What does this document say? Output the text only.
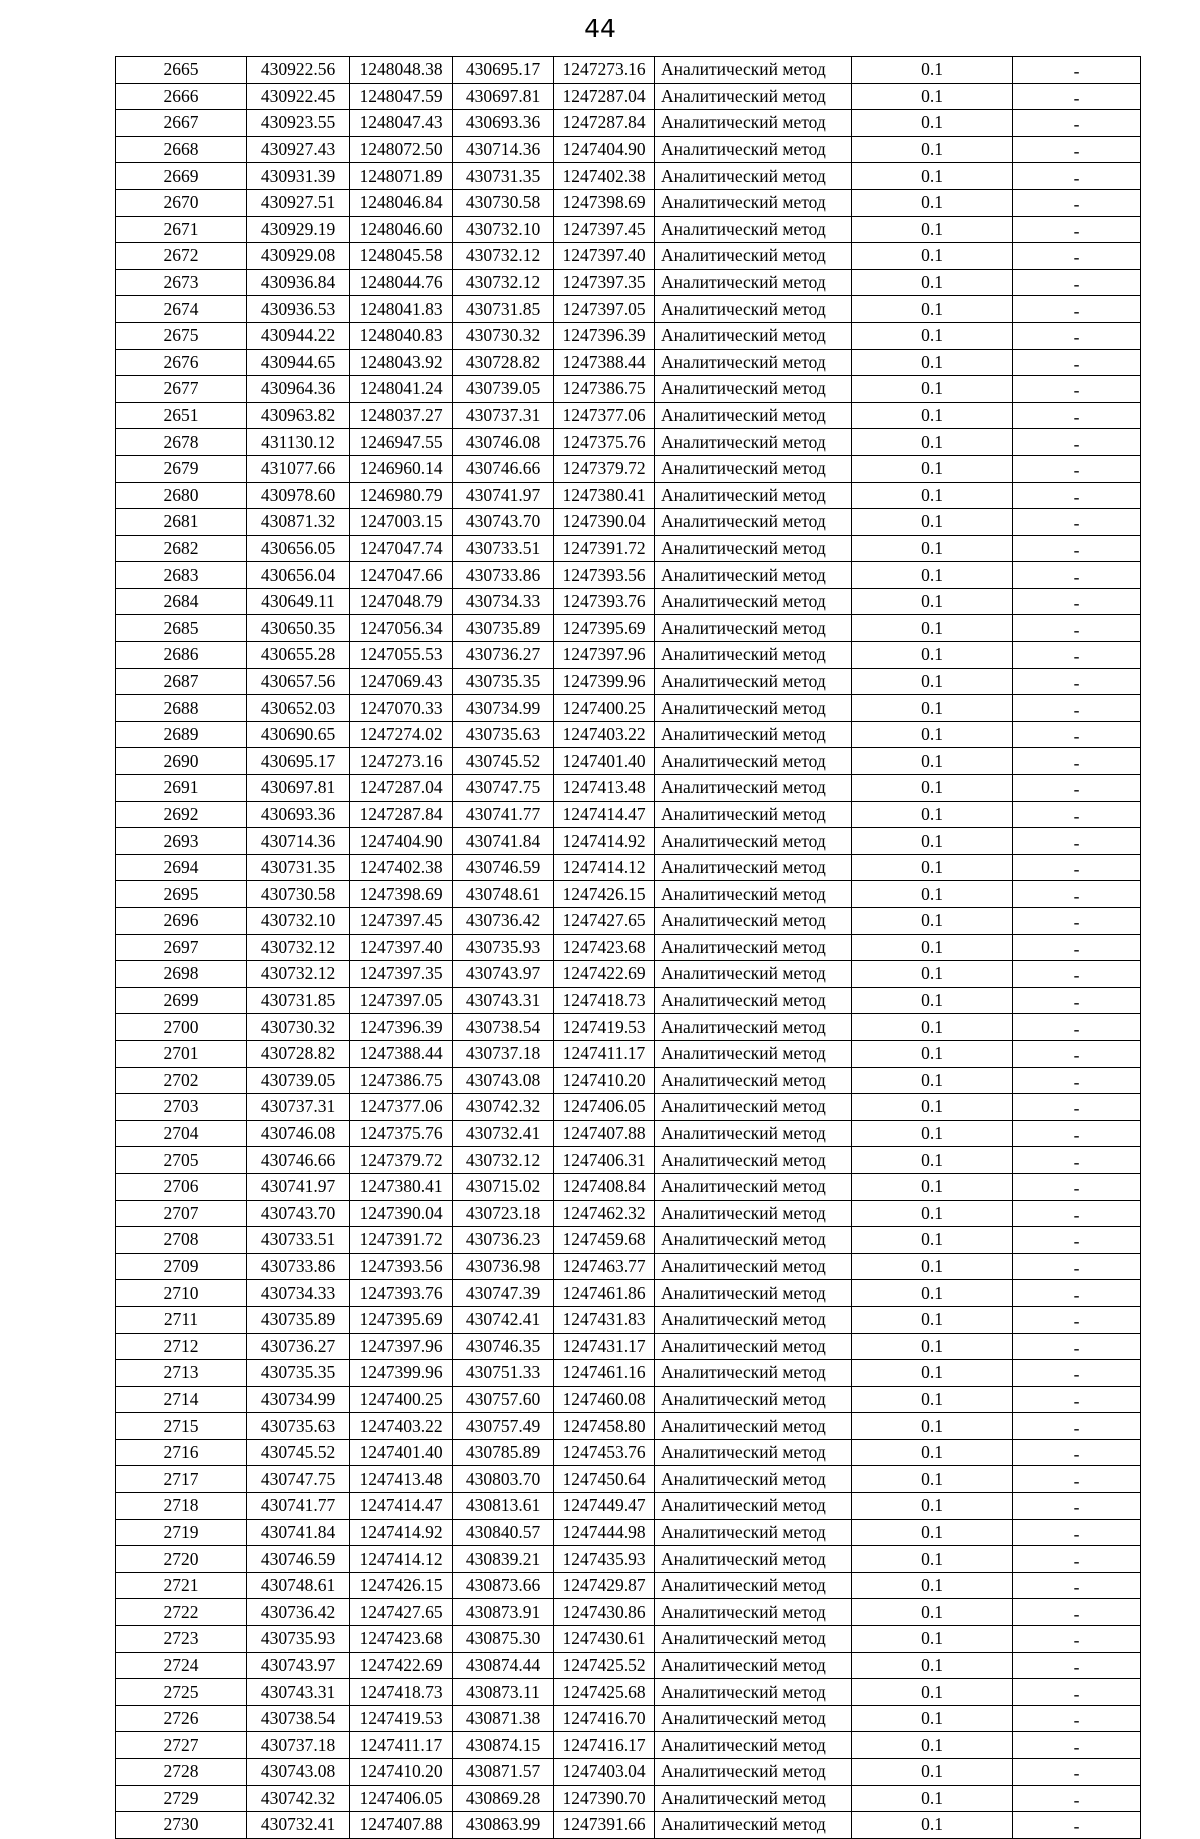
44
2665	430922.56	1248048.38	430695.17	1247273.16	Аналитический метод	0.1	-
2666	430922.45	1248047.59	430697.81	1247287.04	Аналитический метод	0.1	-
2667	430923.55	1248047.43	430693.36	1247287.84	Аналитический метод	0.1	-
2668	430927.43	1248072.50	430714.36	1247404.90	Аналитический метод	0.1	-
2669	430931.39	1248071.89	430731.35	1247402.38	Аналитический метод	0.1	-
2670	430927.51	1248046.84	430730.58	1247398.69	Аналитический метод	0.1	-
2671	430929.19	1248046.60	430732.10	1247397.45	Аналитический метод	0.1	-
2672	430929.08	1248045.58	430732.12	1247397.40	Аналитический метод	0.1	-
2673	430936.84	1248044.76	430732.12	1247397.35	Аналитический метод	0.1	-
2674	430936.53	1248041.83	430731.85	1247397.05	Аналитический метод	0.1	-
2675	430944.22	1248040.83	430730.32	1247396.39	Аналитический метод	0.1	-
2676	430944.65	1248043.92	430728.82	1247388.44	Аналитический метод	0.1	-
2677	430964.36	1248041.24	430739.05	1247386.75	Аналитический метод	0.1	-
2651	430963.82	1248037.27	430737.31	1247377.06	Аналитический метод	0.1	-
2678	431130.12	1246947.55	430746.08	1247375.76	Аналитический метод	0.1	-
2679	431077.66	1246960.14	430746.66	1247379.72	Аналитический метод	0.1	-
2680	430978.60	1246980.79	430741.97	1247380.41	Аналитический метод	0.1	-
2681	430871.32	1247003.15	430743.70	1247390.04	Аналитический метод	0.1	-
2682	430656.05	1247047.74	430733.51	1247391.72	Аналитический метод	0.1	-
2683	430656.04	1247047.66	430733.86	1247393.56	Аналитический метод	0.1	-
2684	430649.11	1247048.79	430734.33	1247393.76	Аналитический метод	0.1	-
2685	430650.35	1247056.34	430735.89	1247395.69	Аналитический метод	0.1	-
2686	430655.28	1247055.53	430736.27	1247397.96	Аналитический метод	0.1	-
2687	430657.56	1247069.43	430735.35	1247399.96	Аналитический метод	0.1	-
2688	430652.03	1247070.33	430734.99	1247400.25	Аналитический метод	0.1	-
2689	430690.65	1247274.02	430735.63	1247403.22	Аналитический метод	0.1	-
2690	430695.17	1247273.16	430745.52	1247401.40	Аналитический метод	0.1	-
2691	430697.81	1247287.04	430747.75	1247413.48	Аналитический метод	0.1	-
2692	430693.36	1247287.84	430741.77	1247414.47	Аналитический метод	0.1	-
2693	430714.36	1247404.90	430741.84	1247414.92	Аналитический метод	0.1	-
2694	430731.35	1247402.38	430746.59	1247414.12	Аналитический метод	0.1	-
2695	430730.58	1247398.69	430748.61	1247426.15	Аналитический метод	0.1	-
2696	430732.10	1247397.45	430736.42	1247427.65	Аналитический метод	0.1	-
2697	430732.12	1247397.40	430735.93	1247423.68	Аналитический метод	0.1	-
2698	430732.12	1247397.35	430743.97	1247422.69	Аналитический метод	0.1	-
2699	430731.85	1247397.05	430743.31	1247418.73	Аналитический метод	0.1	-
2700	430730.32	1247396.39	430738.54	1247419.53	Аналитический метод	0.1	-
2701	430728.82	1247388.44	430737.18	1247411.17	Аналитический метод	0.1	-
2702	430739.05	1247386.75	430743.08	1247410.20	Аналитический метод	0.1	-
2703	430737.31	1247377.06	430742.32	1247406.05	Аналитический метод	0.1	-
2704	430746.08	1247375.76	430732.41	1247407.88	Аналитический метод	0.1	-
2705	430746.66	1247379.72	430732.12	1247406.31	Аналитический метод	0.1	-
2706	430741.97	1247380.41	430715.02	1247408.84	Аналитический метод	0.1	-
2707	430743.70	1247390.04	430723.18	1247462.32	Аналитический метод	0.1	-
2708	430733.51	1247391.72	430736.23	1247459.68	Аналитический метод	0.1	-
2709	430733.86	1247393.56	430736.98	1247463.77	Аналитический метод	0.1	-
2710	430734.33	1247393.76	430747.39	1247461.86	Аналитический метод	0.1	-
2711	430735.89	1247395.69	430742.41	1247431.83	Аналитический метод	0.1	-
2712	430736.27	1247397.96	430746.35	1247431.17	Аналитический метод	0.1	-
2713	430735.35	1247399.96	430751.33	1247461.16	Аналитический метод	0.1	-
2714	430734.99	1247400.25	430757.60	1247460.08	Аналитический метод	0.1	-
2715	430735.63	1247403.22	430757.49	1247458.80	Аналитический метод	0.1	-
2716	430745.52	1247401.40	430785.89	1247453.76	Аналитический метод	0.1	-
2717	430747.75	1247413.48	430803.70	1247450.64	Аналитический метод	0.1	-
2718	430741.77	1247414.47	430813.61	1247449.47	Аналитический метод	0.1	-
2719	430741.84	1247414.92	430840.57	1247444.98	Аналитический метод	0.1	-
2720	430746.59	1247414.12	430839.21	1247435.93	Аналитический метод	0.1	-
2721	430748.61	1247426.15	430873.66	1247429.87	Аналитический метод	0.1	-
2722	430736.42	1247427.65	430873.91	1247430.86	Аналитический метод	0.1	-
2723	430735.93	1247423.68	430875.30	1247430.61	Аналитический метод	0.1	-
2724	430743.97	1247422.69	430874.44	1247425.52	Аналитический метод	0.1	-
2725	430743.31	1247418.73	430873.11	1247425.68	Аналитический метод	0.1	-
2726	430738.54	1247419.53	430871.38	1247416.70	Аналитический метод	0.1	-
2727	430737.18	1247411.17	430874.15	1247416.17	Аналитический метод	0.1	-
2728	430743.08	1247410.20	430871.57	1247403.04	Аналитический метод	0.1	-
2729	430742.32	1247406.05	430869.28	1247390.70	Аналитический метод	0.1	-
2730	430732.41	1247407.88	430863.99	1247391.66	Аналитический метод	0.1	-
